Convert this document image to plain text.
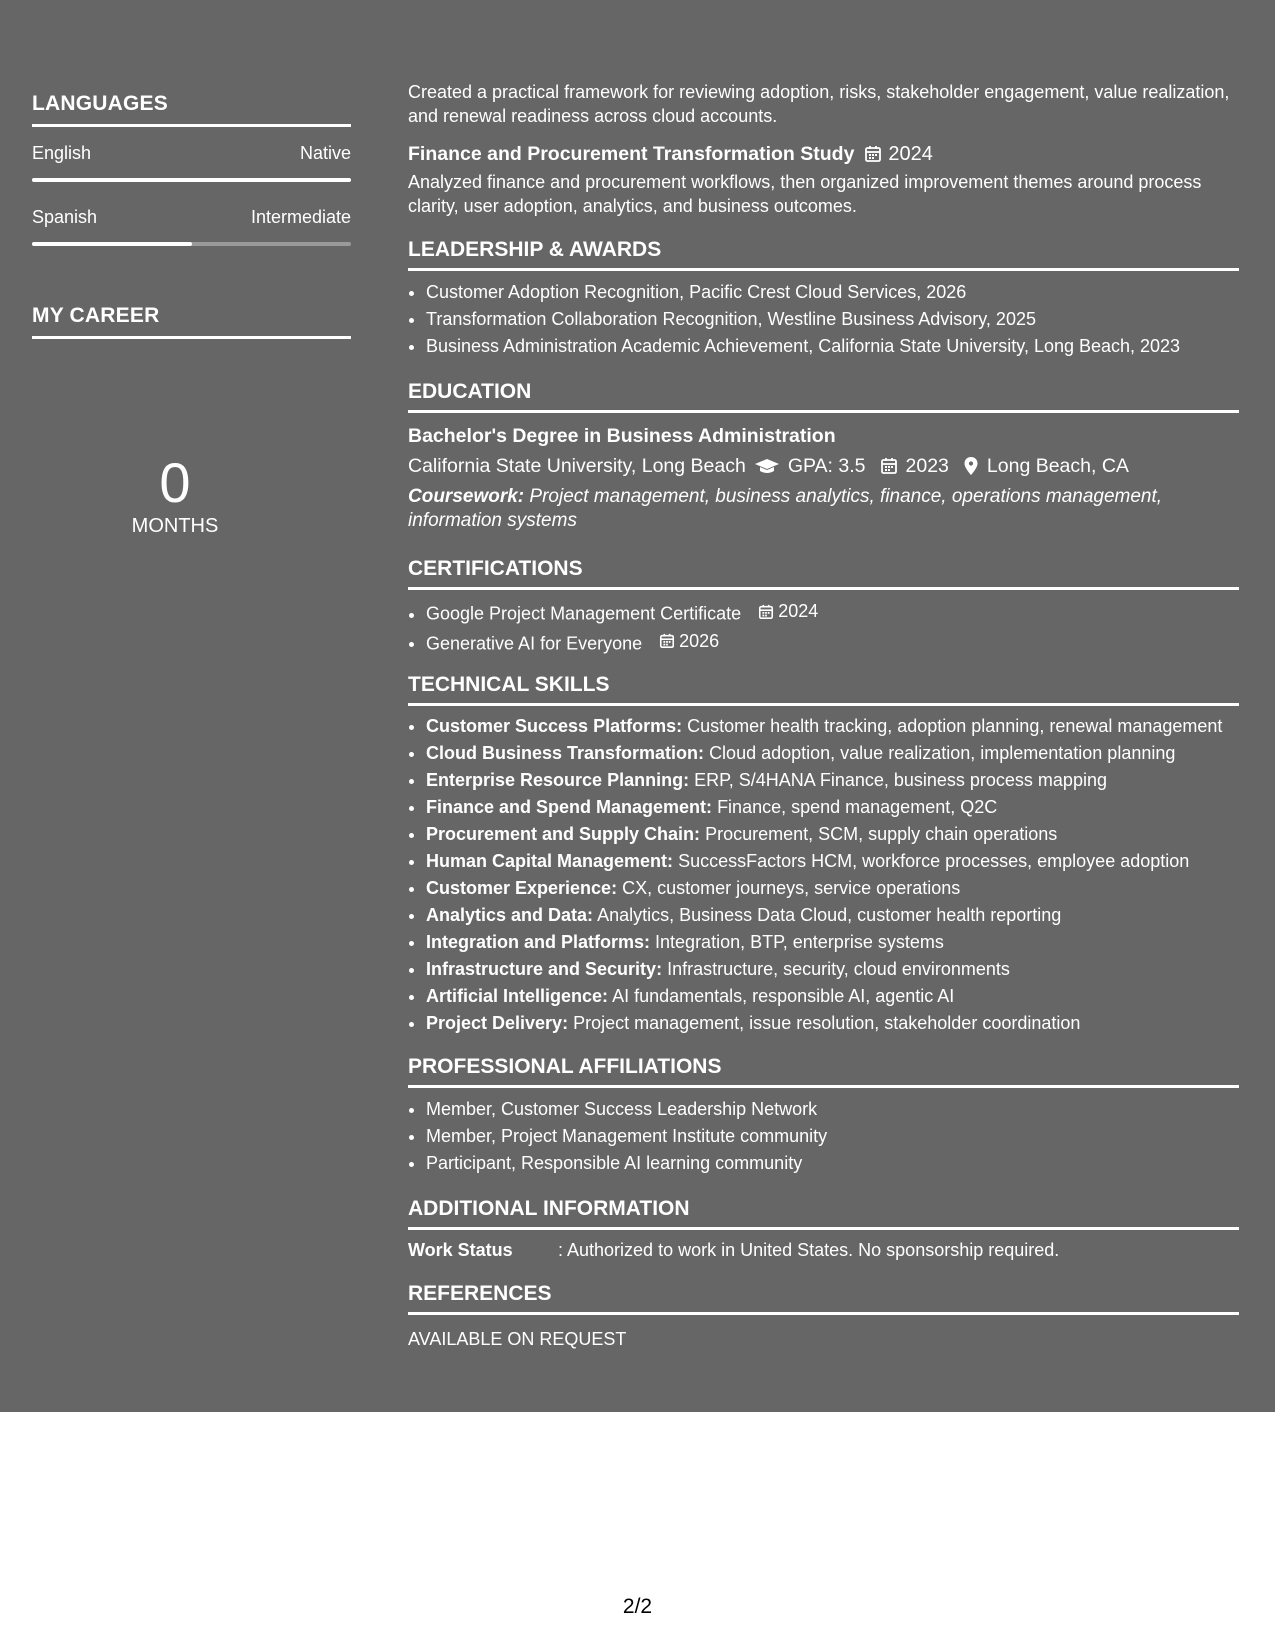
LANGUAGES
English	Native
Spanish	Intermediate
MY CAREER
0
MONTHS
Created a practical framework for reviewing adoption, risks, stakeholder engagement, value realization, and renewal readiness across cloud accounts.
Finance and Procurement Transformation Study 2024
Analyzed finance and procurement workflows, then organized improvement themes around process clarity, user adoption, analytics, and business outcomes.
LEADERSHIP & AWARDS
• Customer Adoption Recognition, Pacific Crest Cloud Services, 2026
• Transformation Collaboration Recognition, Westline Business Advisory, 2025
• Business Administration Academic Achievement, California State University, Long Beach, 2023
EDUCATION
Bachelor's Degree in Business Administration
California State University, Long Beach GPA: 3.5 2023 Long Beach, CA
Coursework: Project management, business analytics, finance, operations management, information systems
CERTIFICATIONS
• Google Project Management Certificate 2024
• Generative AI for Everyone 2026
TECHNICAL SKILLS
• Customer Success Platforms: Customer health tracking, adoption planning, renewal management
• Cloud Business Transformation: Cloud adoption, value realization, implementation planning
• Enterprise Resource Planning: ERP, S/4HANA Finance, business process mapping
• Finance and Spend Management: Finance, spend management, Q2C
• Procurement and Supply Chain: Procurement, SCM, supply chain operations
• Human Capital Management: SuccessFactors HCM, workforce processes, employee adoption
• Customer Experience: CX, customer journeys, service operations
• Analytics and Data: Analytics, Business Data Cloud, customer health reporting
• Integration and Platforms: Integration, BTP, enterprise systems
• Infrastructure and Security: Infrastructure, security, cloud environments
• Artificial Intelligence: AI fundamentals, responsible AI, agentic AI
• Project Delivery: Project management, issue resolution, stakeholder coordination
PROFESSIONAL AFFILIATIONS
• Member, Customer Success Leadership Network
• Member, Project Management Institute community
• Participant, Responsible AI learning community
ADDITIONAL INFORMATION
Work Status	: Authorized to work in United States. No sponsorship required.
REFERENCES
AVAILABLE ON REQUEST
2/2
